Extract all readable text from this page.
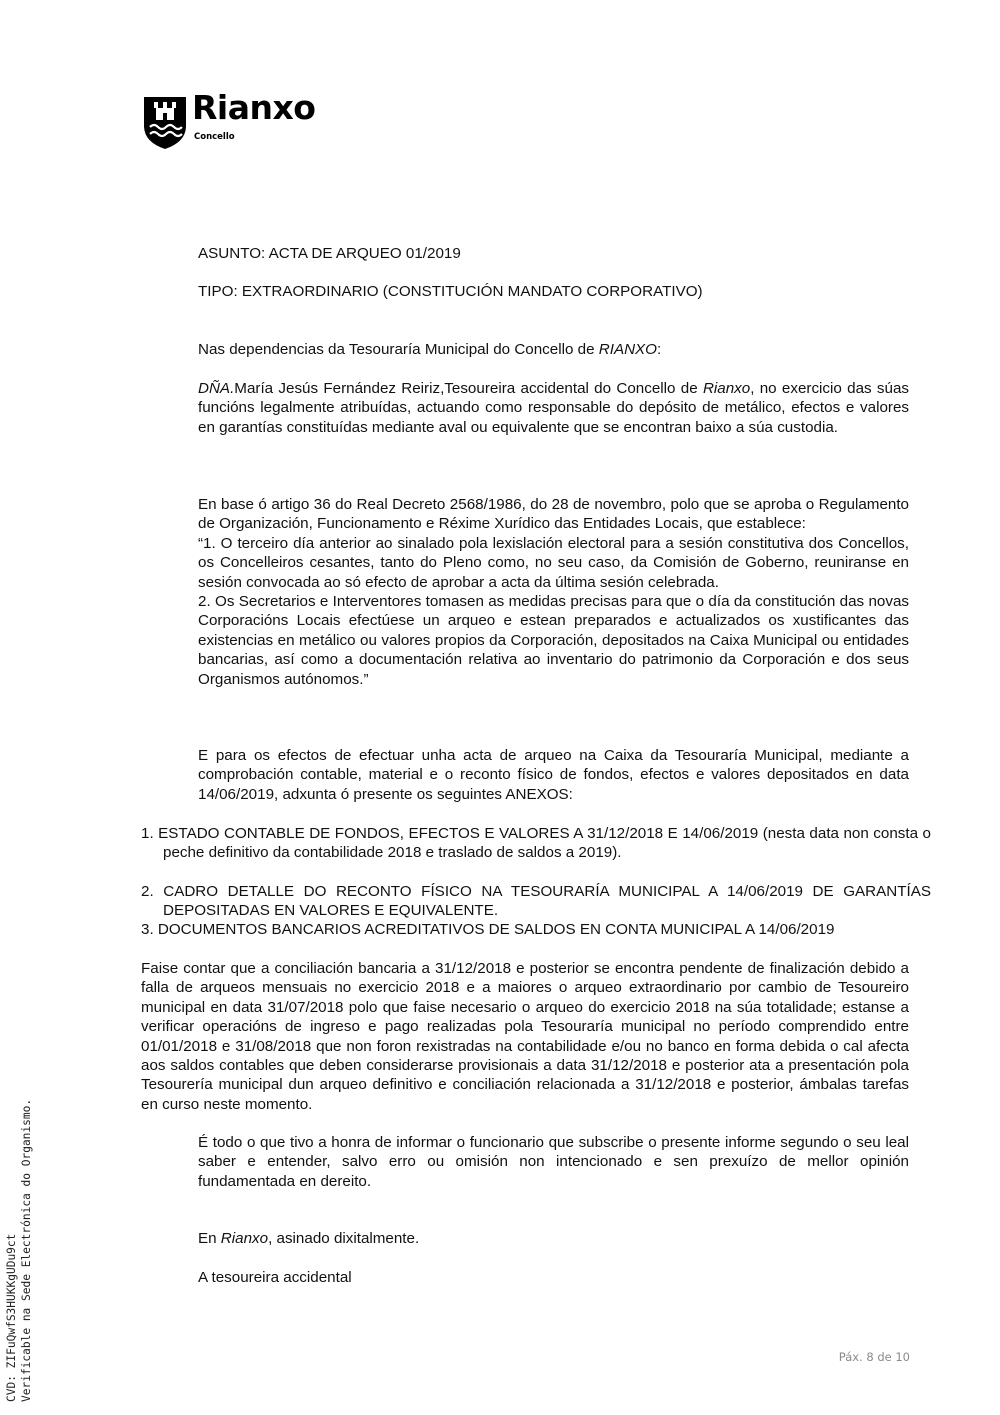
Rianxo
Concello

ASUNTO: ACTA DE ARQUEO 01/2019

TIPO: EXTRAORDINARIO (CONSTITUCIÓN MANDATO CORPORATIVO)

Nas dependencias da Tesouraría Municipal do Concello de RIANXO:

DÑA.María Jesús Fernández Reiriz,Tesoureira accidental do Concello de Rianxo, no exercicio das súas funcións legalmente atribuídas, actuando como responsable do depósito de metálico, efectos e valores en garantías constituídas mediante aval ou equivalente que se encontran baixo a súa custodia.

En base ó artigo 36 do Real Decreto 2568/1986, do 28 de novembro, polo que se aproba o Regulamento de Organización, Funcionamento e Réxime Xurídico das Entidades Locais, que establece:
“1. O terceiro día anterior ao sinalado pola lexislación electoral para a sesión constitutiva dos Concellos, os Concelleiros cesantes, tanto do Pleno como, no seu caso, da Comisión de Goberno, reuniranse en sesión convocada ao só efecto de aprobar a acta da última sesión celebrada.
2. Os Secretarios e Interventores tomasen as medidas precisas para que o día da constitución das novas Corporacións Locais efectúese un arqueo e estean preparados e actualizados os xustificantes das existencias en metálico ou valores propios da Corporación, depositados na Caixa Municipal ou entidades bancarias, así como a documentación relativa ao inventario do patrimonio da Corporación e dos seus Organismos autónomos.”

E para os efectos de efectuar unha acta de arqueo na Caixa da Tesouraría Municipal, mediante a comprobación contable, material e o reconto físico de fondos, efectos e valores depositados en data 14/06/2019, adxunta ó presente os seguintes ANEXOS:

1. ESTADO CONTABLE DE FONDOS, EFECTOS E VALORES A 31/12/2018 E 14/06/2019 (nesta data non consta o peche definitivo da contabilidade 2018 e traslado de saldos a 2019).

2. CADRO DETALLE DO RECONTO FÍSICO NA TESOURARÍA MUNICIPAL A 14/06/2019 DE GARANTÍAS DEPOSITADAS EN VALORES E EQUIVALENTE.

3. DOCUMENTOS BANCARIOS ACREDITATIVOS DE SALDOS EN CONTA MUNICIPAL A 14/06/2019

Faise contar que a conciliación bancaria a 31/12/2018 e posterior se encontra pendente de finalización debido a falla de arqueos mensuais no exercicio 2018 e a maiores o arqueo extraordinario por cambio de Tesoureiro municipal en data 31/07/2018 polo que faise necesario o arqueo do exercicio 2018 na súa totalidade; estanse a verificar operacións de ingreso e pago realizadas pola Tesouraría municipal no período comprendido entre 01/01/2018 e 31/08/2018 que non foron rexistradas na contabilidade e/ou no banco en forma debida o cal afecta aos saldos contables que deben considerarse provisionais a data 31/12/2018 e posterior ata a presentación pola Tesourería municipal dun arqueo definitivo e conciliación relacionada a 31/12/2018 e posterior, ámbalas tarefas en curso neste momento.

É todo o que tivo a honra de informar o funcionario que subscribe o presente informe segundo o seu leal saber e entender, salvo erro ou omisión non intencionado e sen prexuízo de mellor opinión fundamentada en dereito.

En Rianxo, asinado dixitalmente.

A tesoureira accidental

CVD: ZIFuQwfS3HUKKgUDu9ct Verificable na Sede Electrónica do Organismo.	Páx. 8 de 10
